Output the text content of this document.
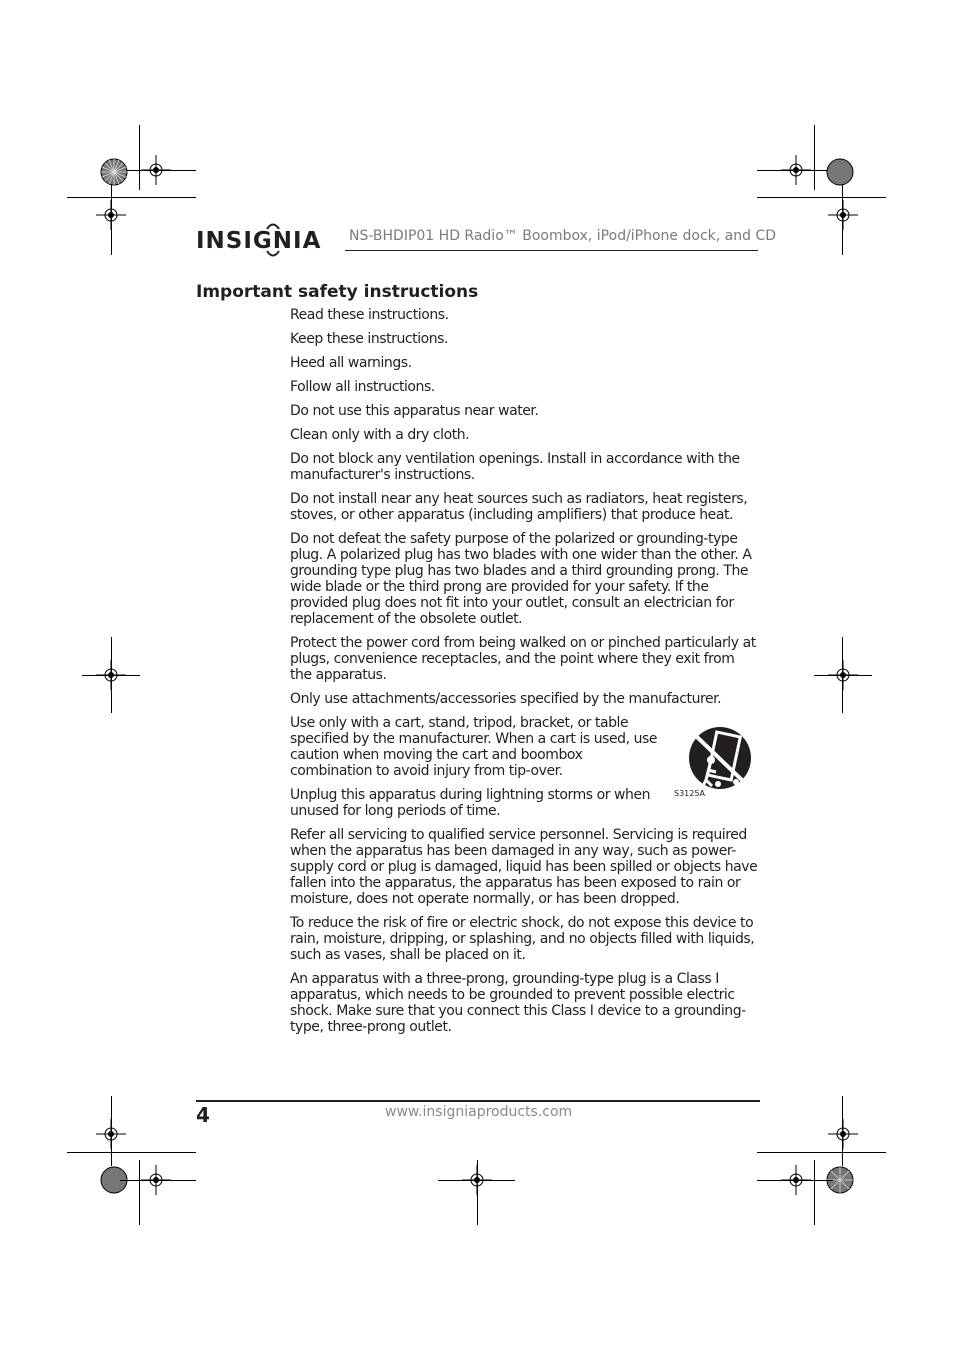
INSIGNIA NS-BHDIP01 HD Radio™ Boombox, iPod/iPhone dock, and CD
Important safety instructions

Read these instructions.

Keep these instructions.

Heed all warnings.

Follow all instructions.

Do not use this apparatus near water.

Clean only with a dry cloth.

Do not block any ventilation openings. Install in accordance with the manufacturer's instructions.

Do not install near any heat sources such as radiators, heat registers, stoves, or other apparatus (including amplifiers) that produce heat.

Do not defeat the safety purpose of the polarized or grounding-type plug. A polarized plug has two blades with one wider than the other. A grounding type plug has two blades and a third grounding prong. The wide blade or the third prong are provided for your safety. If the provided plug does not fit into your outlet, consult an electrician for replacement of the obsolete outlet.

Protect the power cord from being walked on or pinched particularly at plugs, convenience receptacles, and the point where they exit from the apparatus.

Only use attachments/accessories specified by the manufacturer.

Use only with a cart, stand, tripod, bracket, or table specified by the manufacturer. When a cart is used, use caution when moving the cart and boombox combination to avoid injury from tip-over.

Unplug this apparatus during lightning storms or when unused for long periods of time.

Refer all servicing to qualified service personnel. Servicing is required when the apparatus has been damaged in any way, such as power-supply cord or plug is damaged, liquid has been spilled or objects have fallen into the apparatus, the apparatus has been exposed to rain or moisture, does not operate normally, or has been dropped.

To reduce the risk of fire or electric shock, do not expose this device to rain, moisture, dripping, or splashing, and no objects filled with liquids, such as vases, shall be placed on it.

An apparatus with a three-prong, grounding-type plug is a Class I apparatus, which needs to be grounded to prevent possible electric shock. Make sure that you connect this Class I device to a grounding-type, three-prong outlet.

S3125A
4	www.insigniaproducts.com
